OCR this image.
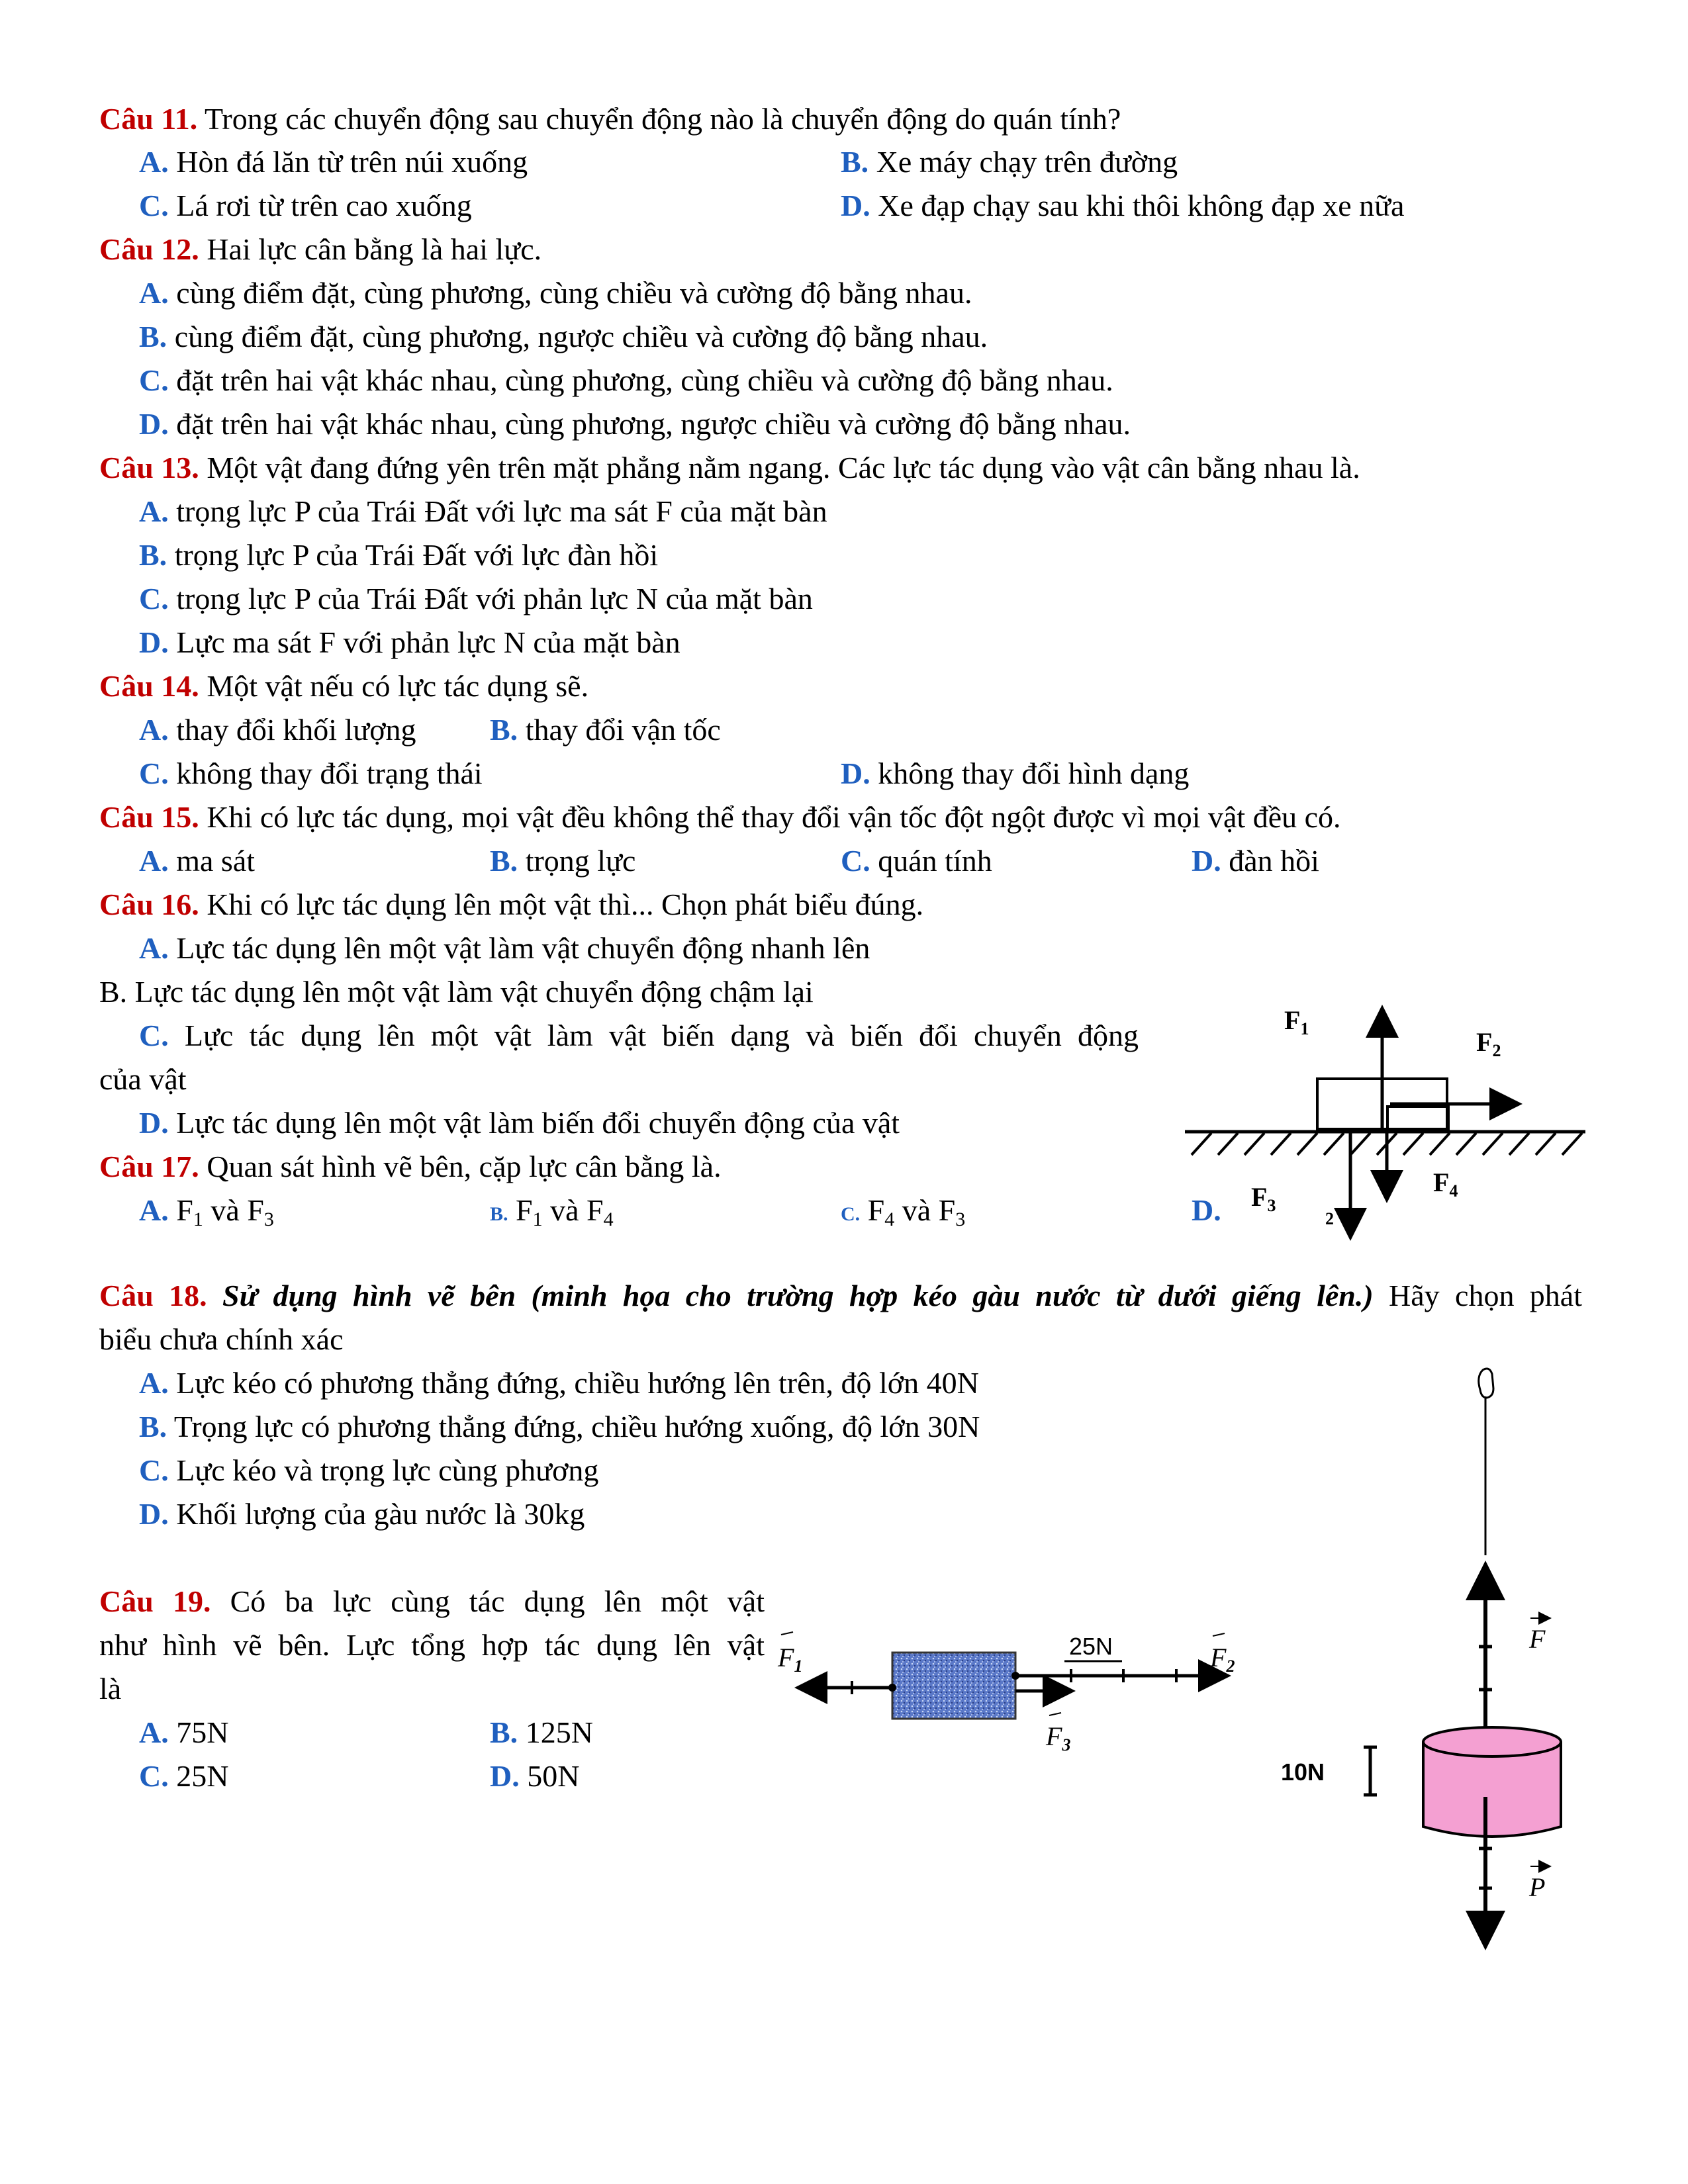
Câu 11. Trong các chuyển động sau chuyển động nào là chuyển động do quán tính?
A. Hòn đá lăn từ trên núi xuống	B. Xe máy chạy trên đường
C. Lá rơi từ trên cao xuống	D. Xe đạp chạy sau khi thôi không đạp xe nữa
Câu 12. Hai lực cân bằng là hai lực.
A. cùng điểm đặt, cùng phương, cùng chiều và cường độ bằng nhau.
B. cùng điểm đặt, cùng phương, ngược chiều và cường độ bằng nhau.
C. đặt trên hai vật khác nhau, cùng phương, cùng chiều và cường độ bằng nhau.
D. đặt trên hai vật khác nhau, cùng phương, ngược chiều và cường độ bằng nhau.
Câu 13. Một vật đang đứng yên trên mặt phẳng nằm ngang. Các lực tác dụng vào vật cân bằng nhau là.
A. trọng lực P của Trái Đất với lực ma sát F của mặt bàn
B. trọng lực P của Trái Đất với lực đàn hồi
C. trọng lực P của Trái Đất với phản lực N của mặt bàn
D. Lực ma sát F với phản lực N của mặt bàn
Câu 14. Một vật nếu có lực tác dụng sẽ.
A. thay đổi khối lượng B. thay đổi vận tốc
C. không thay đổi trạng thái	D. không thay đổi hình dạng
Câu 15. Khi có lực tác dụng, mọi vật đều không thể thay đổi vận tốc đột ngột được vì mọi vật đều có.
A. ma sát	B. trọng lực	C. quán tính	D. đàn hồi
Câu 16. Khi có lực tác dụng lên một vật thì... Chọn phát biểu đúng.
A. Lực tác dụng lên một vật làm vật chuyển động nhanh lên
B. Lực tác dụng lên một vật làm vật chuyển động chậm lại
C. Lực tác dụng lên một vật làm vật biến dạng và biến đổi chuyển động
của vật
D. Lực tác dụng lên một vật làm biến đổi chuyển động của vật
Câu 17. Quan sát hình vẽ bên, cặp lực cân bằng là.
A. $F_1$ và $F_3$	B. $F_1$ và $F_4$	C. $F_4$ và $F_3$	D.
$F_1$	$F_2$
$F_3$
$F_4$
2
Câu 18. Sử dụng hình vẽ bên (minh họa cho trường hợp kéo gàu nước từ dưới giếng lên.) Hãy chọn phát
biểu chưa chính xác
A. Lực kéo có phương thẳng đứng, chiều hướng lên trên, độ lớn 40N
B. Trọng lực có phương thẳng đứng, chiều hướng xuống, độ lớn 30N
C. Lực kéo và trọng lực cùng phương
D. Khối lượng của gàu nước là 30kg
10N
F
P
Câu 19. Có ba lực cùng tác dụng lên một vật
như hình vẽ bên. Lực tổng hợp tác dụng lên vật
là
A. 75N	B. 125N
C. 25N	D. 50N
25N
$F_1$	$F_2$
$F_3$
